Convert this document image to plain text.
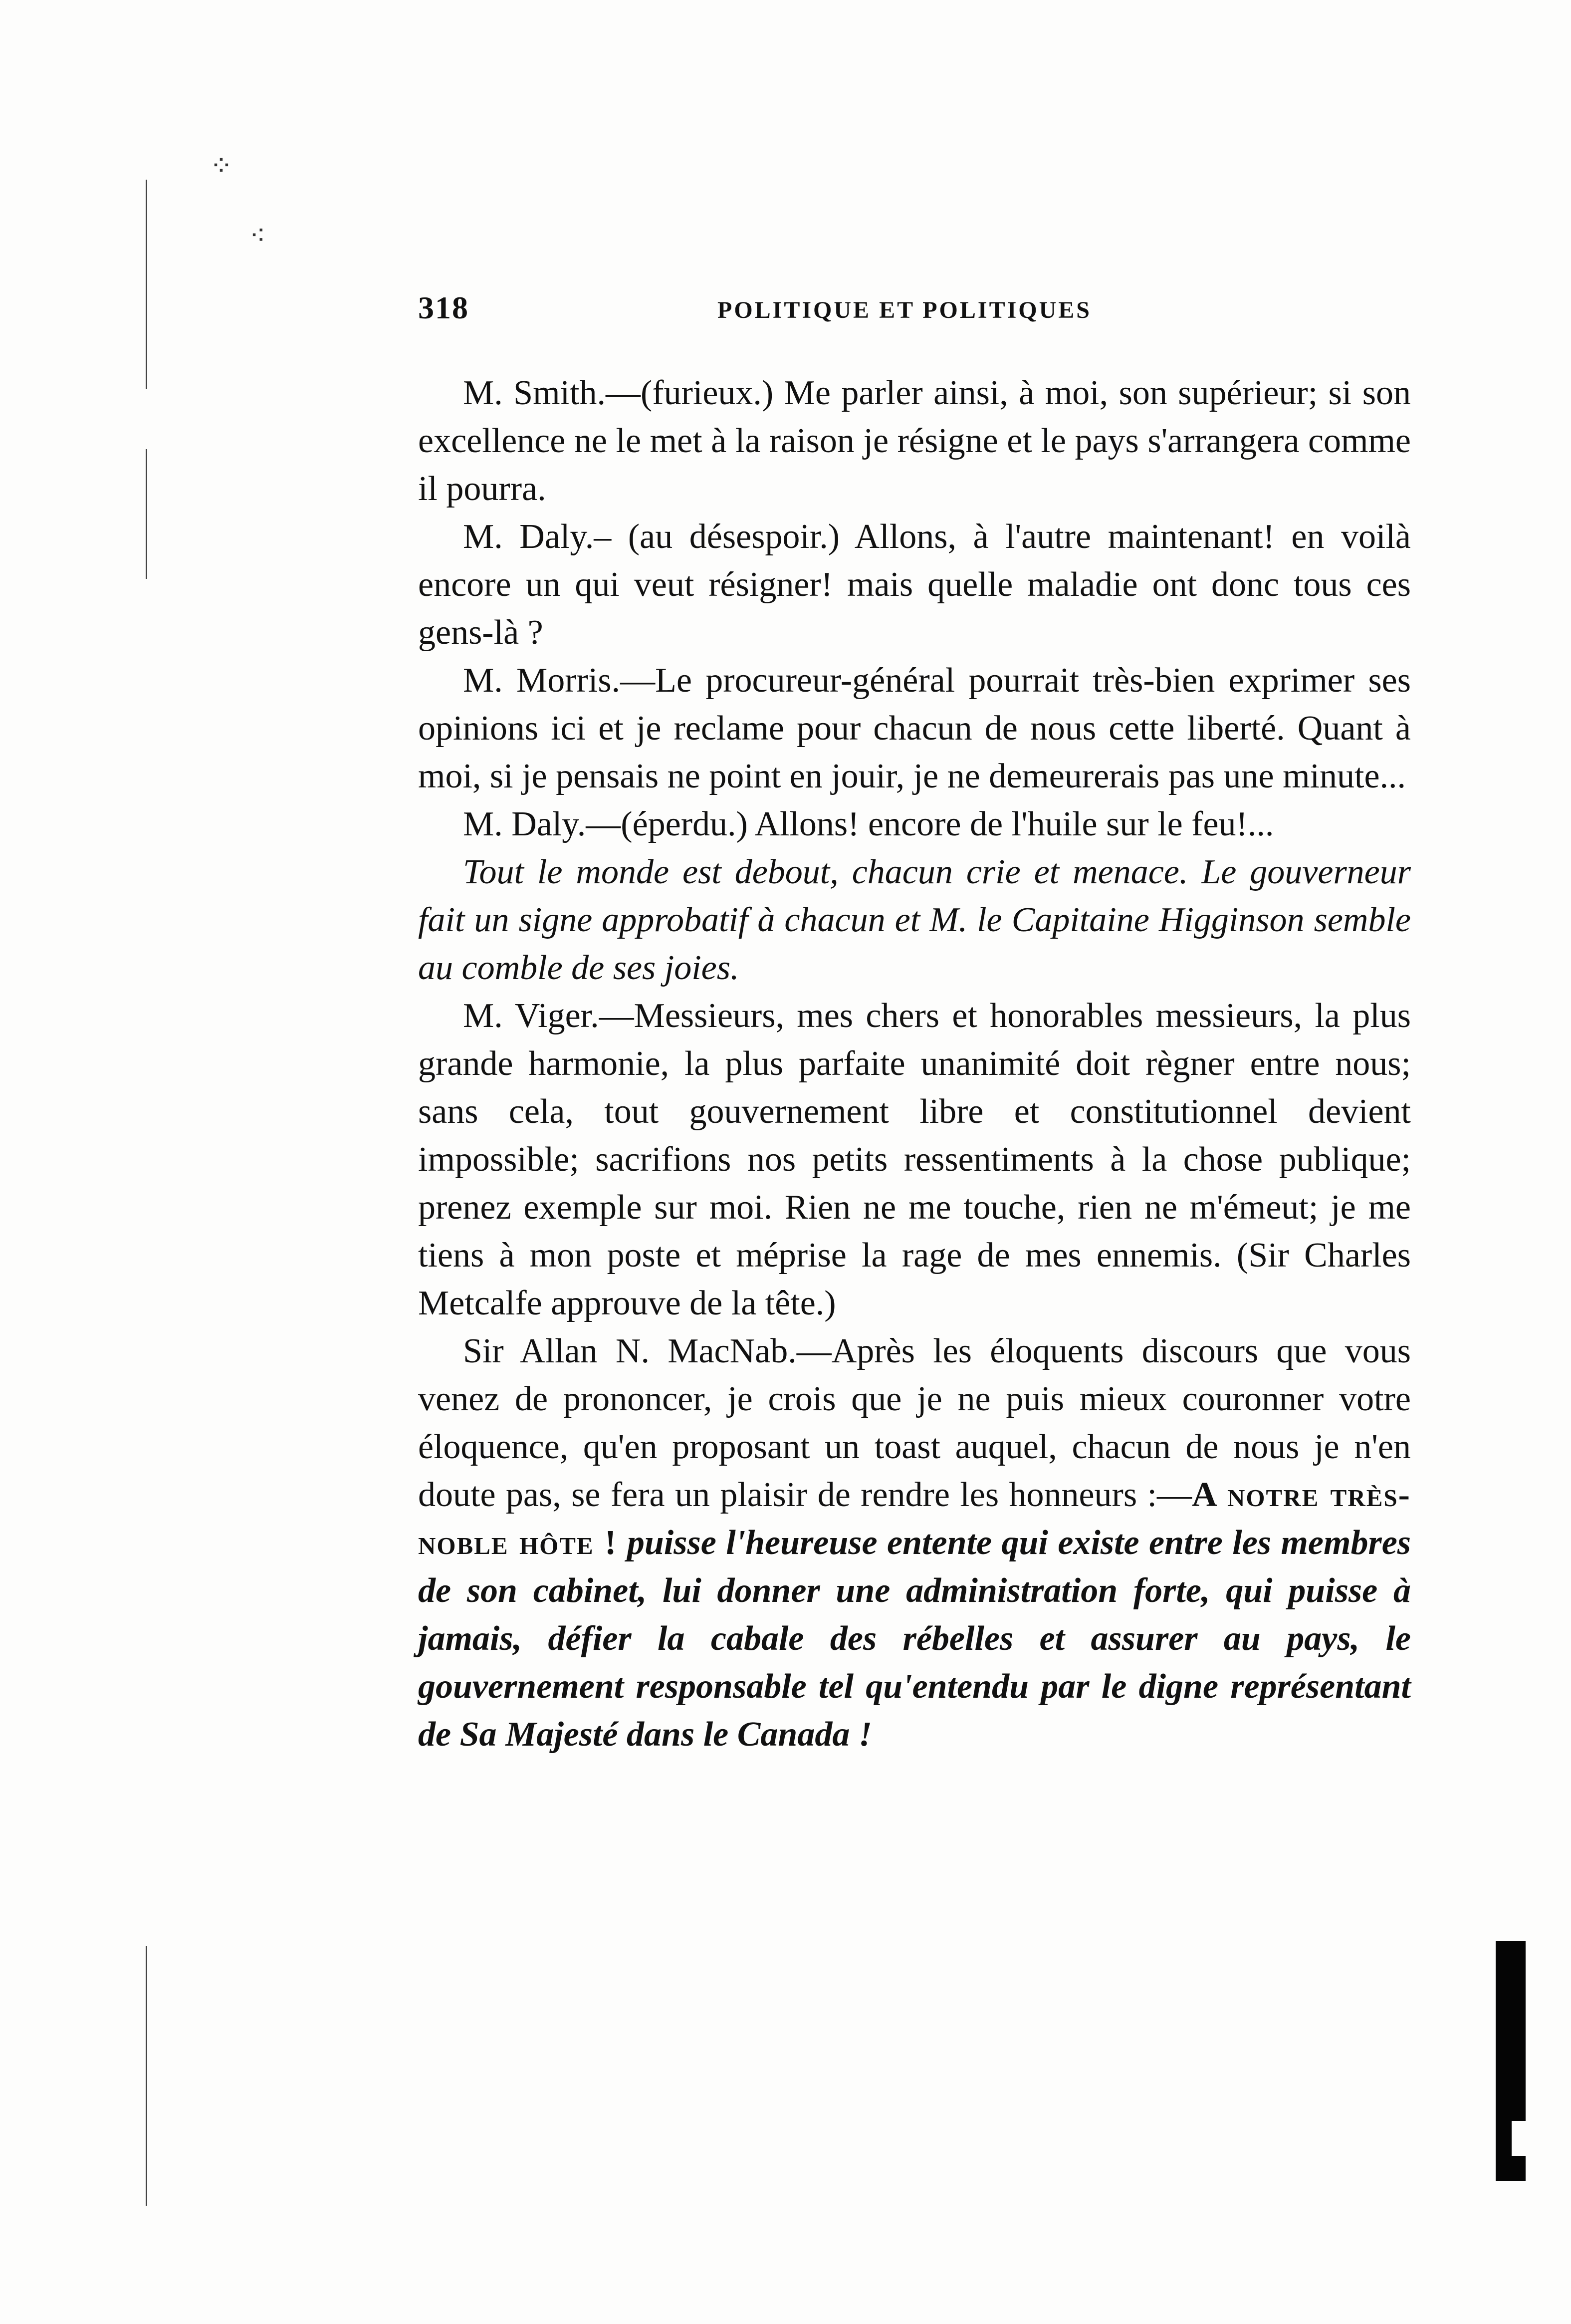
⁘
⁖
318	POLITIQUE ET POLITIQUES

M. Smith.—(furieux.) Me parler ainsi, à moi, son supérieur; si son excellence ne le met à la raison je résigne et le pays s'arrangera comme il pourra.

M. Daly.– (au désespoir.) Allons, à l'autre maintenant! en voilà encore un qui veut résigner! mais quelle maladie ont donc tous ces gens-là ?

M. Morris.—Le procureur-général pourrait très-bien exprimer ses opinions ici et je reclame pour chacun de nous cette liberté. Quant à moi, si je pensais ne point en jouir, je ne demeurerais pas une minute...

M. Daly.—(éperdu.) Allons! encore de l'huile sur le feu!...

Tout le monde est debout, chacun crie et menace. Le gouverneur fait un signe approbatif à chacun et M. le Capitaine Higginson semble au comble de ses joies.

M. Viger.—Messieurs, mes chers et honorables messieurs, la plus grande harmonie, la plus parfaite unanimité doit règner entre nous; sans cela, tout gouvernement libre et constitutionnel devient impossible; sacrifions nos petits ressentiments à la chose publique; prenez exemple sur moi. Rien ne me touche, rien ne m'émeut; je me tiens à mon poste et méprise la rage de mes ennemis. (Sir Charles Metcalfe approuve de la tête.)

Sir Allan N. MacNab.—Après les éloquents discours que vous venez de prononcer, je crois que je ne puis mieux couronner votre éloquence, qu'en proposant un toast auquel, chacun de nous je n'en doute pas, se fera un plaisir de rendre les honneurs :—A notre très-noble hôte ! puisse l'heureuse entente qui existe entre les membres de son cabinet, lui donner une administration forte, qui puisse à jamais, défier la cabale des rébelles et assurer au pays, le gouvernement responsable tel qu'entendu par le digne représentant de Sa Majesté dans le Canada !
